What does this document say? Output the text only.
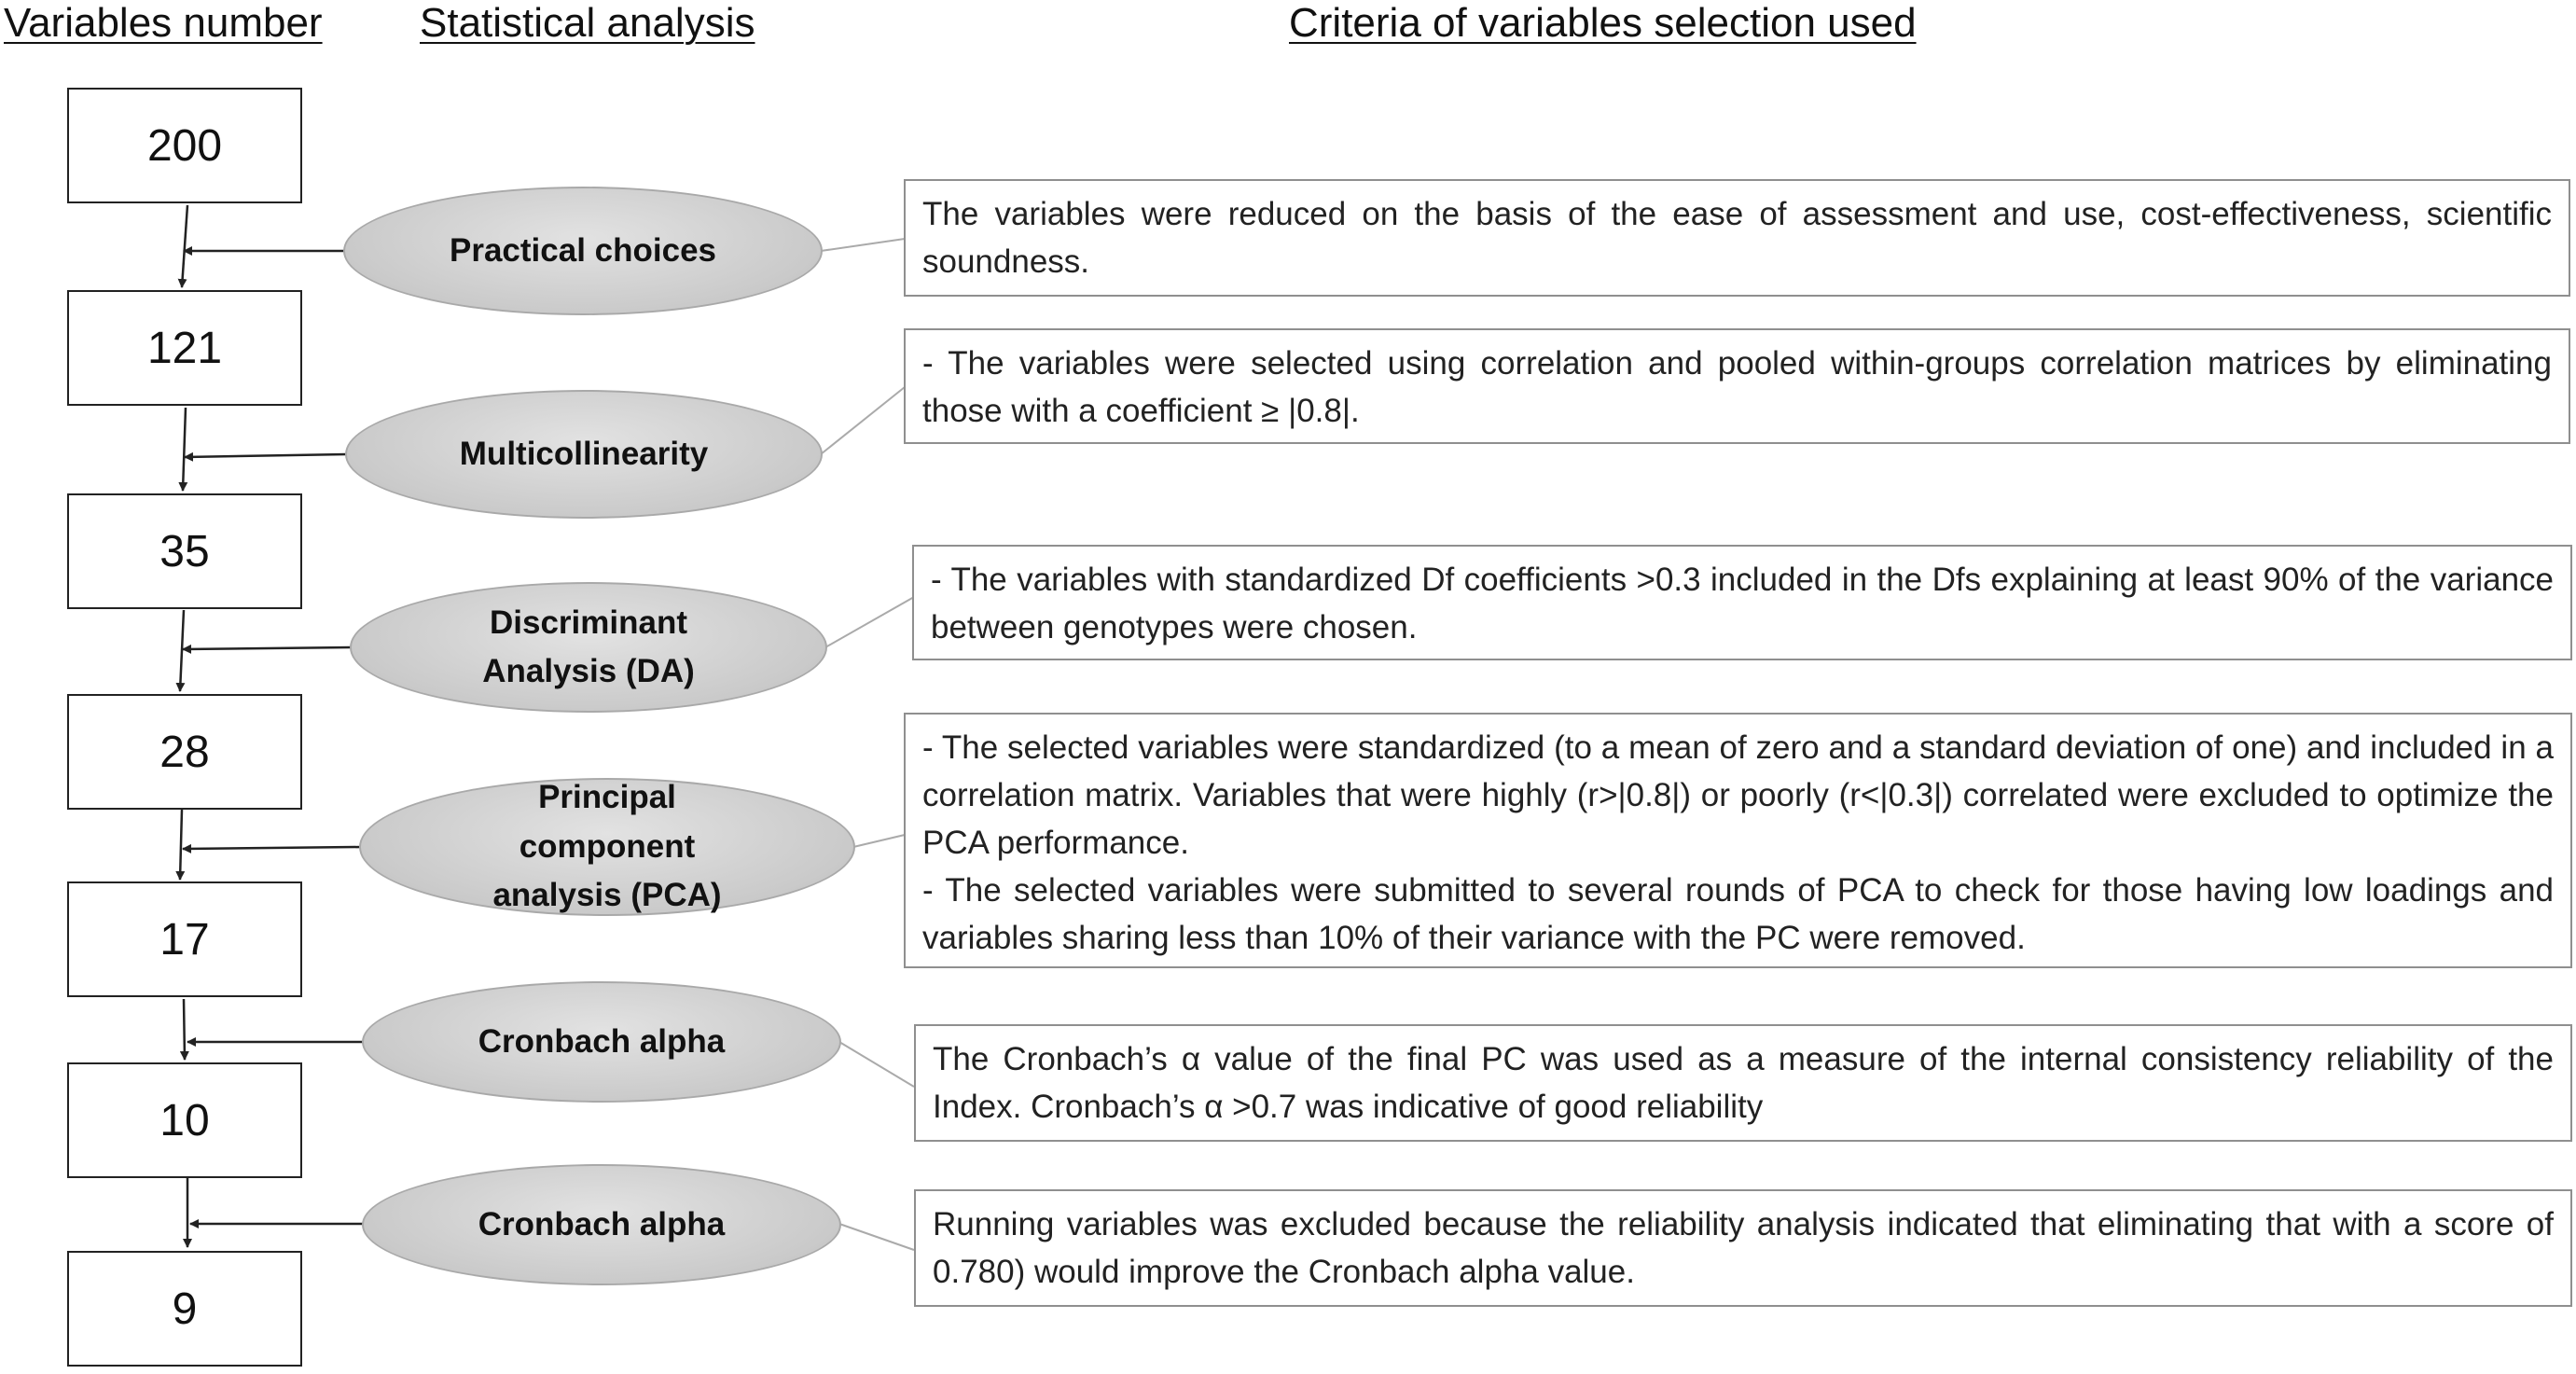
Variables number Statistical analysis	Criteria of variables selection used
200
121
35
28
17
10
9
Practical choices
Multicollinearity
Discriminant
Analysis (DA)
Principal
component
analysis (PCA)
Cronbach alpha
Cronbach alpha

The variables were reduced on the basis of the ease of assessment and use, cost-effectiveness, scientific soundness.

- The variables were selected using correlation and pooled within-groups correlation matrices by eliminating those with a coefficient ≥ |0.8|.

- The variables with standardized Df coefficients >0.3 included in the Dfs explaining at least 90% of the variance between genotypes were chosen.

- The selected variables were standardized (to a mean of zero and a standard deviation of one) and included in a correlation matrix. Variables that were highly (r>|0.8|) or poorly (r<|0.3|) correlated were excluded to optimize the PCA performance.

- The selected variables were submitted to several rounds of PCA to check for those having low loadings and variables sharing less than 10% of their variance with the PC were removed.

The Cronbach’s α value of the final PC was used as a measure of the internal consistency reliability of the Index. Cronbach’s α >0.7 was indicative of good reliability

Running variables was excluded because the reliability analysis indicated that eliminating that with a score of 0.780) would improve the Cronbach alpha value.
